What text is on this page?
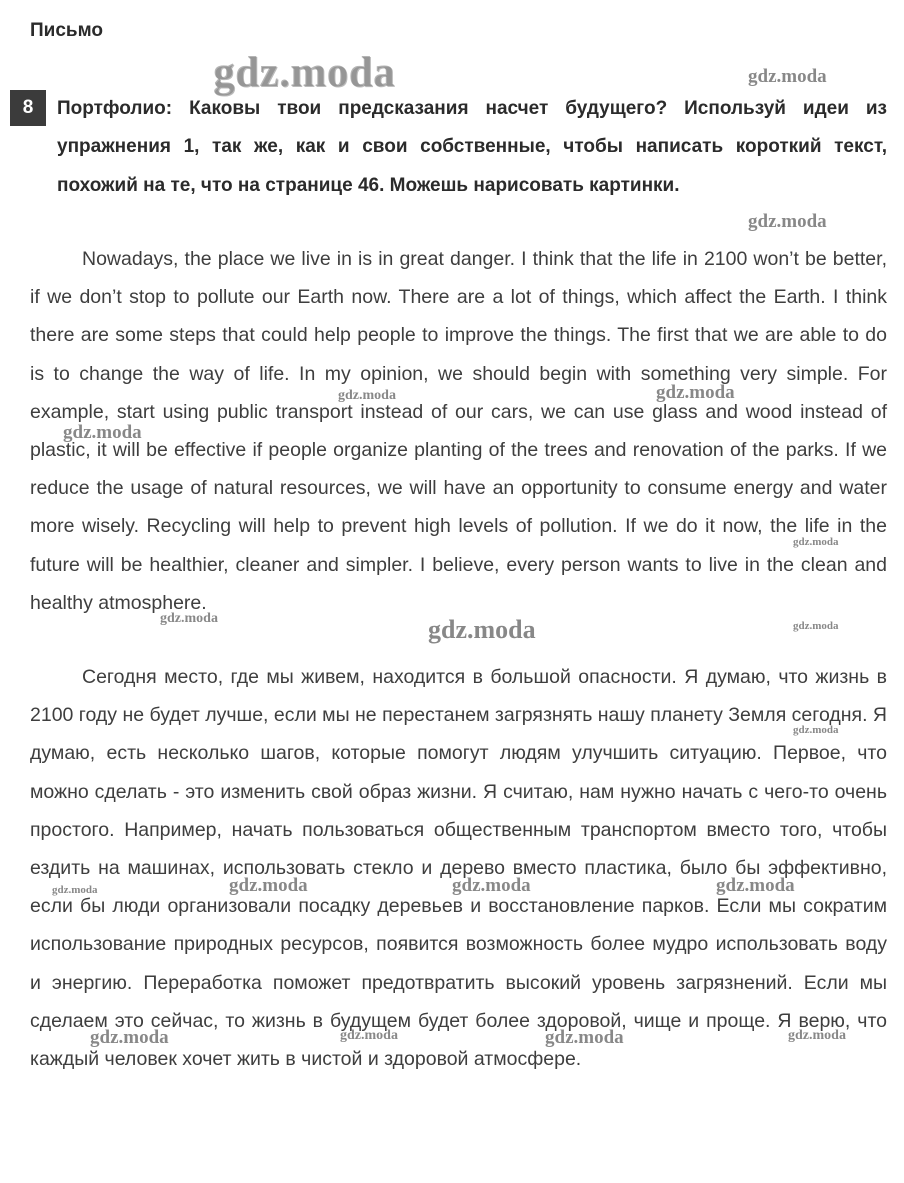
Письмо
8	Портфолио: Каковы твои предсказания насчет будущего? Используй идеи из упражнения 1, так же, как и свои собственные, чтобы написать короткий текст, похожий на те, что на странице 46. Можешь нарисовать картинки.

Nowadays, the place we live in is in great danger. I think that the life in 2100 won’t be better, if we don’t stop to pollute our Earth now. There are a lot of things, which affect the Earth. I think there are some steps that could help people to improve the things. The first that we are able to do is to change the way of life. In my opinion, we should begin with something very simple. For example, start using public transport instead of our cars, we can use glass and wood instead of plastic, it will be effective if people organize planting of the trees and renovation of the parks. If we reduce the usage of natural resources, we will have an opportunity to consume energy and water more wisely. Recycling will help to prevent high levels of pollution. If we do it now, the life in the future will be healthier, cleaner and simpler. I believe, every person wants to live in the clean and healthy atmosphere.

Сегодня место, где мы живем, находится в большой опасности. Я думаю, что жизнь в 2100 году не будет лучше, если мы не перестанем загрязнять нашу планету Земля сегодня. Я думаю, есть несколько шагов, которые помогут людям улучшить ситуацию. Первое, что можно сделать - это изменить свой образ жизни. Я считаю, нам нужно начать с чего-то очень простого. Например, начать пользоваться общественным транспортом вместо того, чтобы ездить на машинах, использовать стекло и дерево вместо пластика, было бы эффективно, если бы люди организовали посадку деревьев и восстановление парков. Если мы сократим использование природных ресурсов, появится возможность более мудро использовать воду и энергию. Переработка поможет предотвратить высокий уровень загрязнений. Если мы сделаем это сейчас, то жизнь в будущем будет более здоровой, чище и проще. Я верю, что каждый человек хочет жить в чистой и здоровой атмосфере.

gdz.moda	gdz.moda
gdz.moda
gdz.moda	gdz.moda
gdz.moda
gdz.moda
gdz.moda	gdz.moda	gdz.moda
gdz.moda
gdz.moda	gdz.moda	gdz.moda	gdz.moda
gdz.moda	gdz.moda	gdz.moda	gdz.moda
